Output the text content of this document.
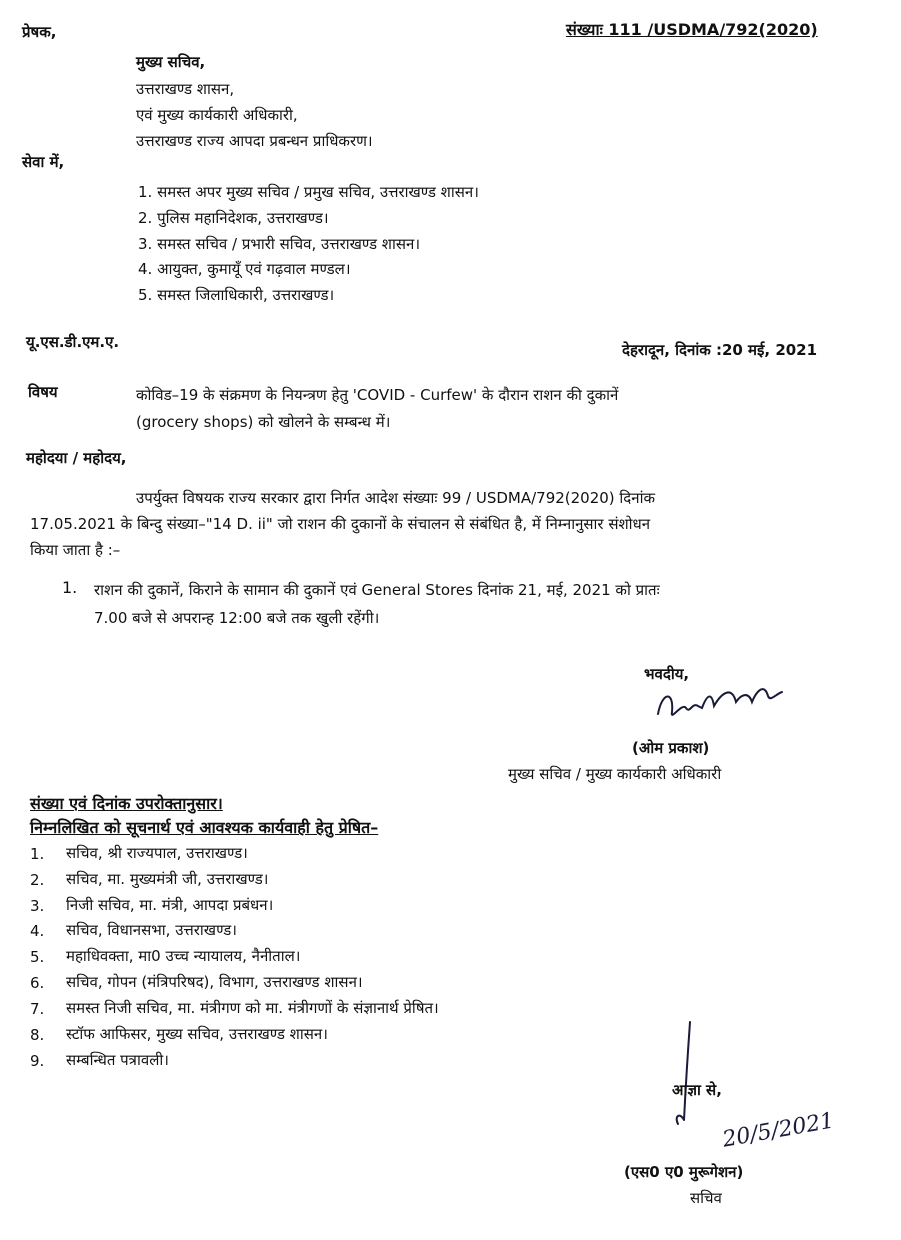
प्रेषक,	संख्याः 111 /USDMA/792(2020)
मुख्य सचिव,
उत्तराखण्ड शासन,
एवं मुख्य कार्यकारी अधिकारी,
उत्तराखण्ड राज्य आपदा प्रबन्धन प्राधिकरण।
सेवा में,
1. समस्त अपर मुख्य सचिव / प्रमुख सचिव, उत्तराखण्ड शासन।
2. पुलिस महानिदेशक, उत्तराखण्ड।
3. समस्त सचिव / प्रभारी सचिव, उत्तराखण्ड शासन।
4. आयुक्त, कुमायूँ एवं गढ़वाल मण्डल।
5. समस्त जिलाधिकारी, उत्तराखण्ड।
यू.एस.डी.एम.ए.	देहरादून, दिनांक :20 मई, 2021
विषय	कोविड–19 के संक्रमण के नियन्त्रण हेतु 'COVID - Curfew' के दौरान राशन की दुकानें
(grocery shops) को खोलने के सम्बन्ध में।
महोदया / महोदय,
उपर्युक्त विषयक राज्य सरकार द्वारा निर्गत आदेश संख्याः 99 / USDMA/792(2020) दिनांक
17.05.2021 के बिन्दु संख्या–"14 D. ii" जो राशन की दुकानों के संचालन से संबंधित है, में निम्नानुसार संशोधन
किया जाता है :–
1. राशन की दुकानें, किराने के सामान की दुकानें एवं General Stores दिनांक 21, मई, 2021 को प्रातः
7.00 बजे से अपरान्ह 12:00 बजे तक खुली रहेंगी।
भवदीय,
(ओम प्रकाश)
मुख्य सचिव / मुख्य कार्यकारी अधिकारी
संख्या एवं दिनांक उपरोक्तानुसार।
निम्नलिखित को सूचनार्थ एवं आवश्यक कार्यवाही हेतु प्रेषित–
1. सचिव, श्री राज्यपाल, उत्तराखण्ड।
2. सचिव, मा. मुख्यमंत्री जी, उत्तराखण्ड।
3. निजी सचिव, मा. मंत्री, आपदा प्रबंधन।
4. सचिव, विधानसभा, उत्तराखण्ड।
5. महाधिवक्ता, मा0 उच्च न्यायालय, नैनीताल।
6. सचिव, गोपन (मंत्रिपरिषद), विभाग, उत्तराखण्ड शासन।
7. समस्त निजी सचिव, मा. मंत्रीगण को मा. मंत्रीगणों के संज्ञानार्थ प्रेषित।
8. स्टॉफ आफिसर, मुख्य सचिव, उत्तराखण्ड शासन।
9. सम्बन्धित पत्रावली।
आज्ञा से,
20/5/2021
(एस0 ए0 मुरूगेशन)
सचिव
